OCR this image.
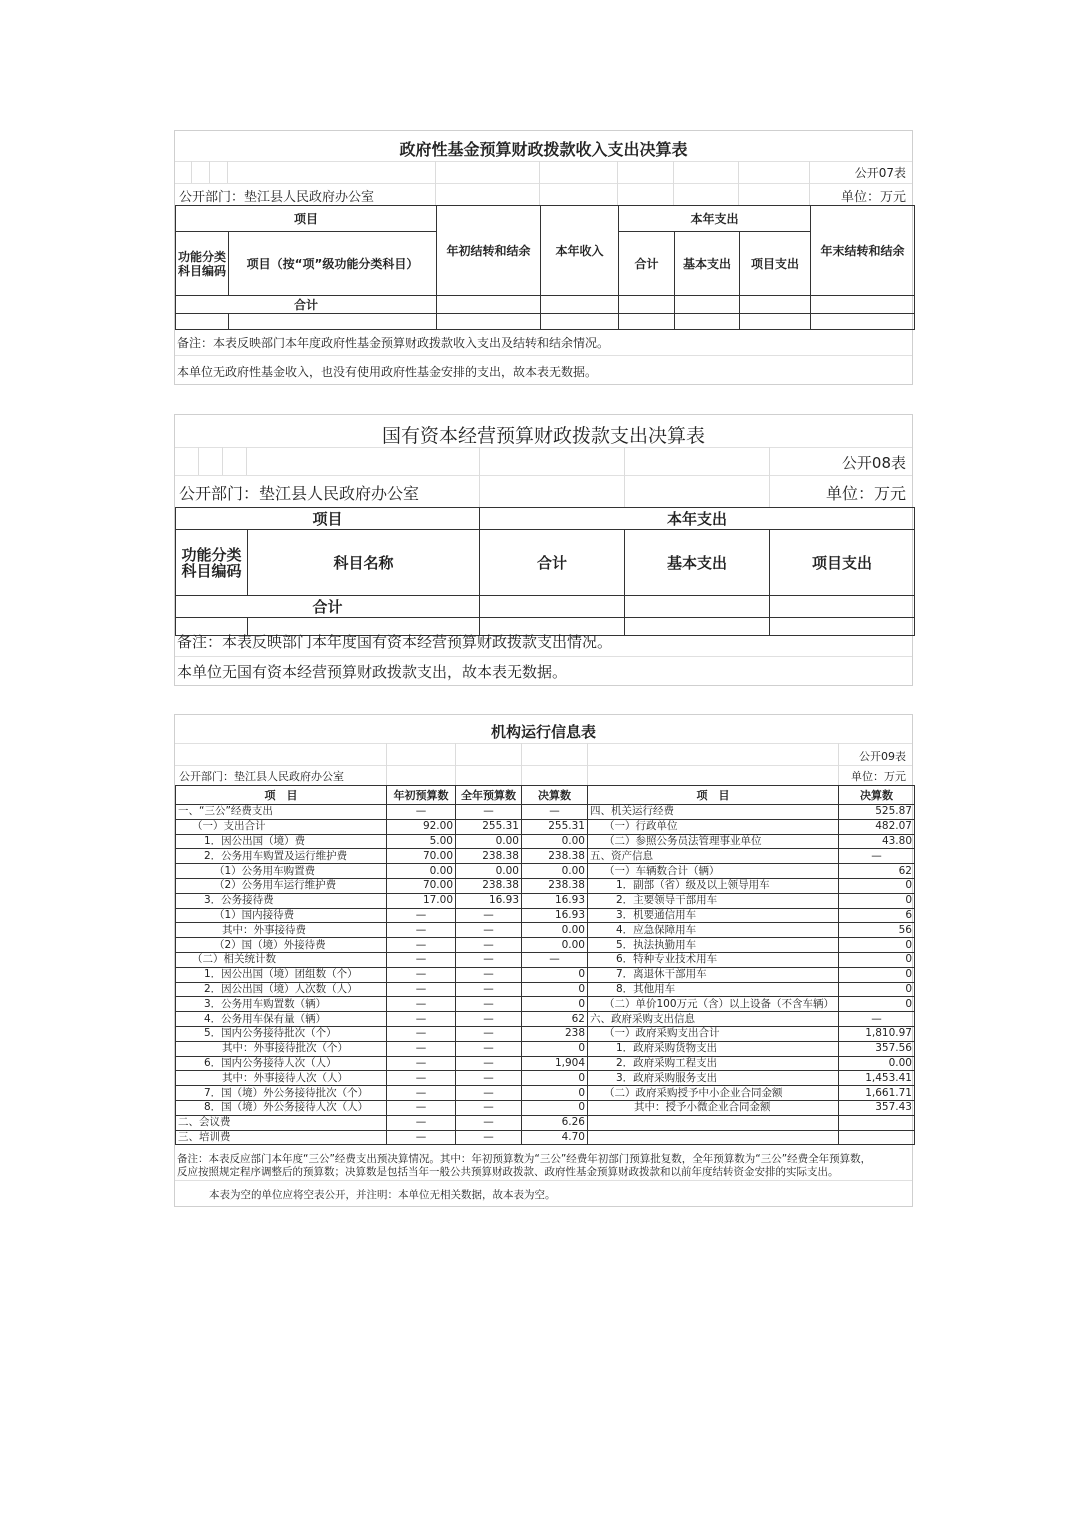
政府性基金预算财政拨款收入支出决算表
公开07表
公开部门：垫江县人民政府办公室	单位：万元
项目		年初结转和结余	本年收入	本年支出			年末结转和结余
功能分类科目编码	项目（按“项”级功能分类科目）			合计	基本支出	项目支出	
合计							

备注：本表反映部门本年度政府性基金预算财政拨款收入支出及结转和结余情况。
本单位无政府性基金收入，也没有使用政府性基金安排的支出，故本表无数据。
国有资本经营预算财政拨款支出决算表
公开08表
公开部门：垫江县人民政府办公室	单位：万元
项目		本年支出		
功能分类科目编码	科目名称	合计	基本支出	项目支出
合计				

备注：本表反映部门本年度国有资本经营预算财政拨款支出情况。
本单位无国有资本经营预算财政拨款支出，故本表无数据。
机构运行信息表
公开09表
公开部门：垫江县人民政府办公室	单位：万元
项　目	年初预算数	全年预算数	决算数	项　目	决算数
一、“三公”经费支出	—	—	—	四、机关运行经费	525.87
（一）支出合计	92.00	255.31	255.31	（一）行政单位	482.07
1．因公出国（境）费	5.00	0.00	0.00	（二）参照公务员法管理事业单位	43.80
2．公务用车购置及运行维护费	70.00	238.38	238.38	五、资产信息	—
（1）公务用车购置费	0.00	0.00	0.00	（一）车辆数合计（辆）	62
（2）公务用车运行维护费	70.00	238.38	238.38	1．副部（省）级及以上领导用车	0
3．公务接待费	17.00	16.93	16.93	2．主要领导干部用车	0
（1）国内接待费	—	—	16.93	3．机要通信用车	6
其中：外事接待费	—	—	0.00	4．应急保障用车	56
（2）国（境）外接待费	—	—	0.00	5．执法执勤用车	0
（二）相关统计数	—	—	—	6．特种专业技术用车	0
1．因公出国（境）团组数（个）	—	—	0	7．离退休干部用车	0
2．因公出国（境）人次数（人）	—	—	0	8．其他用车	0
3．公务用车购置数（辆）	—	—	0	（二）单价100万元（含）以上设备（不含车辆）	0
4．公务用车保有量（辆）	—	—	62	六、政府采购支出信息	—
5．国内公务接待批次（个）	—	—	238	（一）政府采购支出合计	1,810.97
其中：外事接待批次（个）	—	—	0	1．政府采购货物支出	357.56
6．国内公务接待人次（人）	—	—	1,904	2．政府采购工程支出	0.00
其中：外事接待人次（人）	—	—	0	3．政府采购服务支出	1,453.41
7．国（境）外公务接待批次（个）	—	—	0	（二）政府采购授予中小企业合同金额	1,661.71
8．国（境）外公务接待人次（人）	—	—	0	其中：授予小微企业合同金额	357.43
二、会议费	—	—	6.26		
三、培训费	—	—	4.70		
备注：本表反应部门本年度“三公”经费支出预决算情况。其中：年初预算数为“三公”经费年初部门预算批复数，全年预算数为“三公”经费全年预算数，
反应按照规定程序调整后的预算数；决算数是包括当年一般公共预算财政拨款、政府性基金预算财政拨款和以前年度结转资金安排的实际支出。
本表为空的单位应将空表公开，并注明：本单位无相关数据，故本表为空。
